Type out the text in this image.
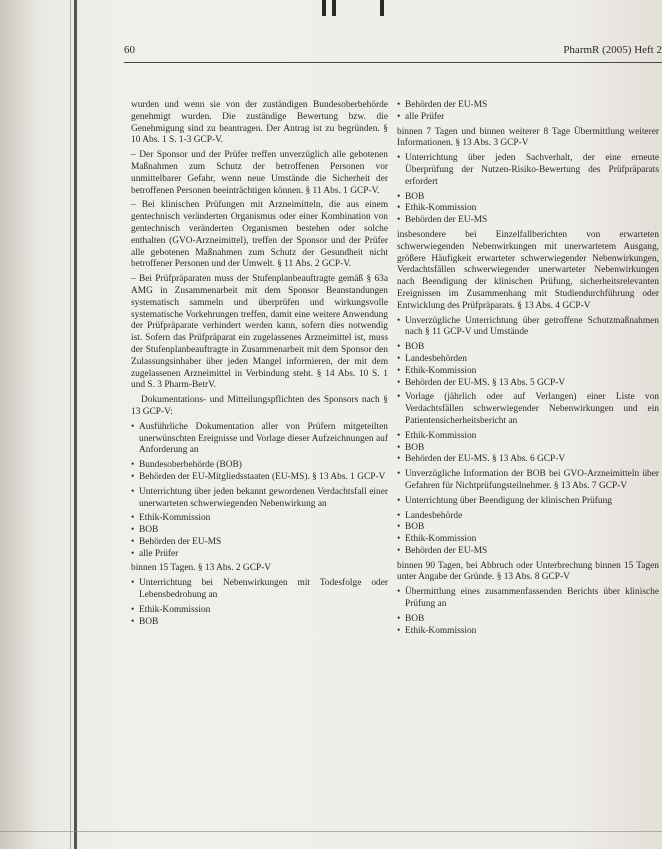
60	PharmR (2005) Heft 2

wurden und wenn sie von der zuständigen Bundesoberbehörde genehmigt wurden. Die zuständige Bewertung bzw. die Genehmigung sind zu beantragen. Der Antrag ist zu begründen. § 10 Abs. 1 S. 1-3 GCP-V.

– Der Sponsor und der Prüfer treffen unverzüglich alle gebotenen Maßnahmen zum Schutz der betroffenen Personen vor unmittelbarer Gefahr, wenn neue Umstände die Sicherheit der betroffenen Personen beeinträchtigen können. § 11 Abs. 1 GCP-V.

– Bei klinischen Prüfungen mit Arzneimitteln, die aus einem gentechnisch veränderten Organismus oder einer Kombination von gentechnisch veränderten Organismen bestehen oder solche enthalten (GVO-Arzneimittel), treffen der Sponsor und der Prüfer alle gebotenen Maßnahmen zum Schutz der Gesundheit nicht betroffener Personen und der Umwelt. § 11 Abs. 2 GCP-V.

– Bei Prüfpräparaten muss der Stufenplanbeauftragte gemäß § 63a AMG in Zusammenarbeit mit dem Sponsor Beanstandungen systematisch sammeln und überprüfen und wirkungsvolle systematische Vorkehrungen treffen, damit eine weitere Anwendung der Prüfpräparate verhindert werden kann, sofern dies notwendig ist. Sofern das Prüfpräparat ein zugelassenes Arzneimittel ist, muss der Stufenplanbeauftragte in Zusammenarbeit mit dem Sponsor den Zulassungsinhaber über jeden Mangel informieren, der mit dem zugelassenen Arzneimittel in Verbindung steht. § 14 Abs. 10 S. 1 und S. 3 Pharm-BetrV.

Dokumentations- und Mitteilungspflichten des Sponsors nach § 13 GCP-V:

• Ausführliche Dokumentation aller von Prüfern mitgeteilten unerwünschten Ereignisse und Vorlage dieser Aufzeichnungen auf Anforderung an

• Bundesoberbehörde (BOB)
• Behörden der EU-Mitgliedsstaaten (EU-MS). § 13 Abs. 1 GCP-V

• Unterrichtung über jeden bekannt gewordenen Verdachtsfall einer unerwarteten schwerwiegenden Nebenwirkung an

• Ethik-Kommission
• BOB
• Behörden der EU-MS
• alle Prüfer

binnen 15 Tagen. § 13 Abs. 2 GCP-V

• Unterrichtung bei Nebenwirkungen mit Todesfolge oder Lebensbedrohung an

• Ethik-Kommission
• BOB
• Behörden der EU-MS
• alle Prüfer

binnen 7 Tagen und binnen weiterer 8 Tage Übermittlung weiterer Informationen. § 13 Abs. 3 GCP-V

• Unterrichtung über jeden Sachverhalt, der eine erneute Überprüfung der Nutzen-Risiko-Bewertung des Prüfpräparats erfordert

• BOB
• Ethik-Kommission
• Behörden der EU-MS

insbesondere bei Einzelfallberichten von erwarteten schwerwiegenden Nebenwirkungen mit unerwartetem Ausgang, größere Häufigkeit erwarteter schwerwiegender Nebenwirkungen, Verdachtsfällen schwerwiegender unerwarteter Nebenwirkungen nach Beendigung der klinischen Prüfung, sicherheitsrelevanten Ereignissen im Zusammenhang mit Studiendurchführung oder Entwicklung des Prüfpräparats. § 13 Abs. 4 GCP-V

• Unverzügliche Unterrichtung über getroffene Schutzmaßnahmen nach § 11 GCP-V und Umstände

• BOB
• Landesbehörden
• Ethik-Kommission
• Behörden der EU-MS. § 13 Abs. 5 GCP-V

• Vorlage (jährlich oder auf Verlangen) einer Liste von Verdachtsfällen schwerwiegender Nebenwirkungen und ein Patientensicherheitsbericht an

• Ethik-Kommission
• BOB
• Behörden der EU-MS. § 13 Abs. 6 GCP-V

• Unverzügliche Information der BOB bei GVO-Arzneimitteln über Gefahren für Nichtprüfungsteilnehmer. § 13 Abs. 7 GCP-V

• Unterrichtung über Beendigung der klinischen Prüfung

• Landesbehörde
• BOB
• Ethik-Kommission
• Behörden der EU-MS

binnen 90 Tagen, bei Abbruch oder Unterbrechung binnen 15 Tagen unter Angabe der Gründe. § 13 Abs. 8 GCP-V

• Übermittlung eines zusammenfassenden Berichts über klinische Prüfung an

• BOB
• Ethik-Kommission
